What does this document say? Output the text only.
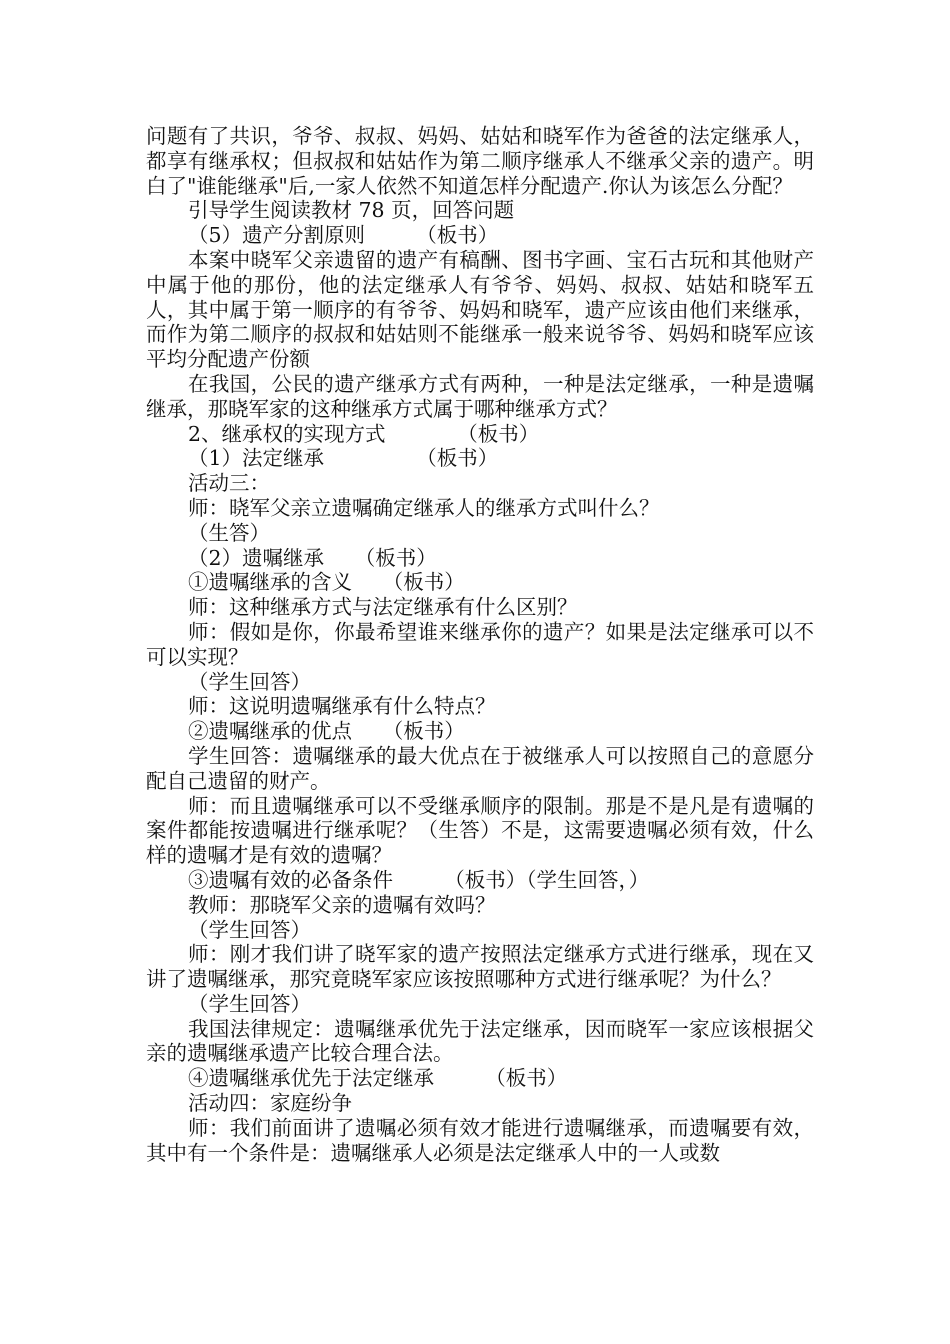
问题有了共识，爷爷、叔叔、妈妈、姑姑和晓军作为爸爸的法定继承人，都享有继承权；但叔叔和姑姑作为第二顺序继承人不继承父亲的遗产。明白了"谁能继承"后,一家人依然不知道怎样分配遗产.你认为该怎么分配？

引导学生阅读教材 78 页，回答问题

（5）遗产分割原则　　　（板书）

本案中晓军父亲遗留的遗产有稿酬、图书字画、宝石古玩和其他财产中属于他的那份，他的法定继承人有爷爷、妈妈、叔叔、姑姑和晓军五人，其中属于第一顺序的有爷爷、妈妈和晓军，遗产应该由他们来继承，而作为第二顺序的叔叔和姑姑则不能继承一般来说爷爷、妈妈和晓军应该平均分配遗产份额

在我国，公民的遗产继承方式有两种，一种是法定继承，一种是遗嘱继承，那晓军家的这种继承方式属于哪种继承方式？

2、继承权的实现方式　　　　（板书）

（1）法定继承　　　　　（板书）

活动三：

师：晓军父亲立遗嘱确定继承人的继承方式叫什么？

（生答）

（2）遗嘱继承　　（板书）

①遗嘱继承的含义　　（板书）

师：这种继承方式与法定继承有什么区别？

师：假如是你，你最希望谁来继承你的遗产？如果是法定继承可以不可以实现？

（学生回答）

师：这说明遗嘱继承有什么特点？

②遗嘱继承的优点　　（板书）

学生回答：遗嘱继承的最大优点在于被继承人可以按照自己的意愿分配自己遗留的财产。

师：而且遗嘱继承可以不受继承顺序的限制。那是不是凡是有遗嘱的案件都能按遗嘱进行继承呢？（生答）不是，这需要遗嘱必须有效，什么样的遗嘱才是有效的遗嘱？

③遗嘱有效的必备条件　　　（板书）（学生回答，）

教师：那晓军父亲的遗嘱有效吗？

（学生回答）

师：刚才我们讲了晓军家的遗产按照法定继承方式进行继承，现在又讲了遗嘱继承，那究竟晓军家应该按照哪种方式进行继承呢？为什么？

（学生回答）

我国法律规定：遗嘱继承优先于法定继承，因而晓军一家应该根据父亲的遗嘱继承遗产比较合理合法。

④遗嘱继承优先于法定继承　　　（板书）

活动四：家庭纷争

师：我们前面讲了遗嘱必须有效才能进行遗嘱继承，而遗嘱要有效，其中有一个条件是：遗嘱继承人必须是法定继承人中的一人或数
